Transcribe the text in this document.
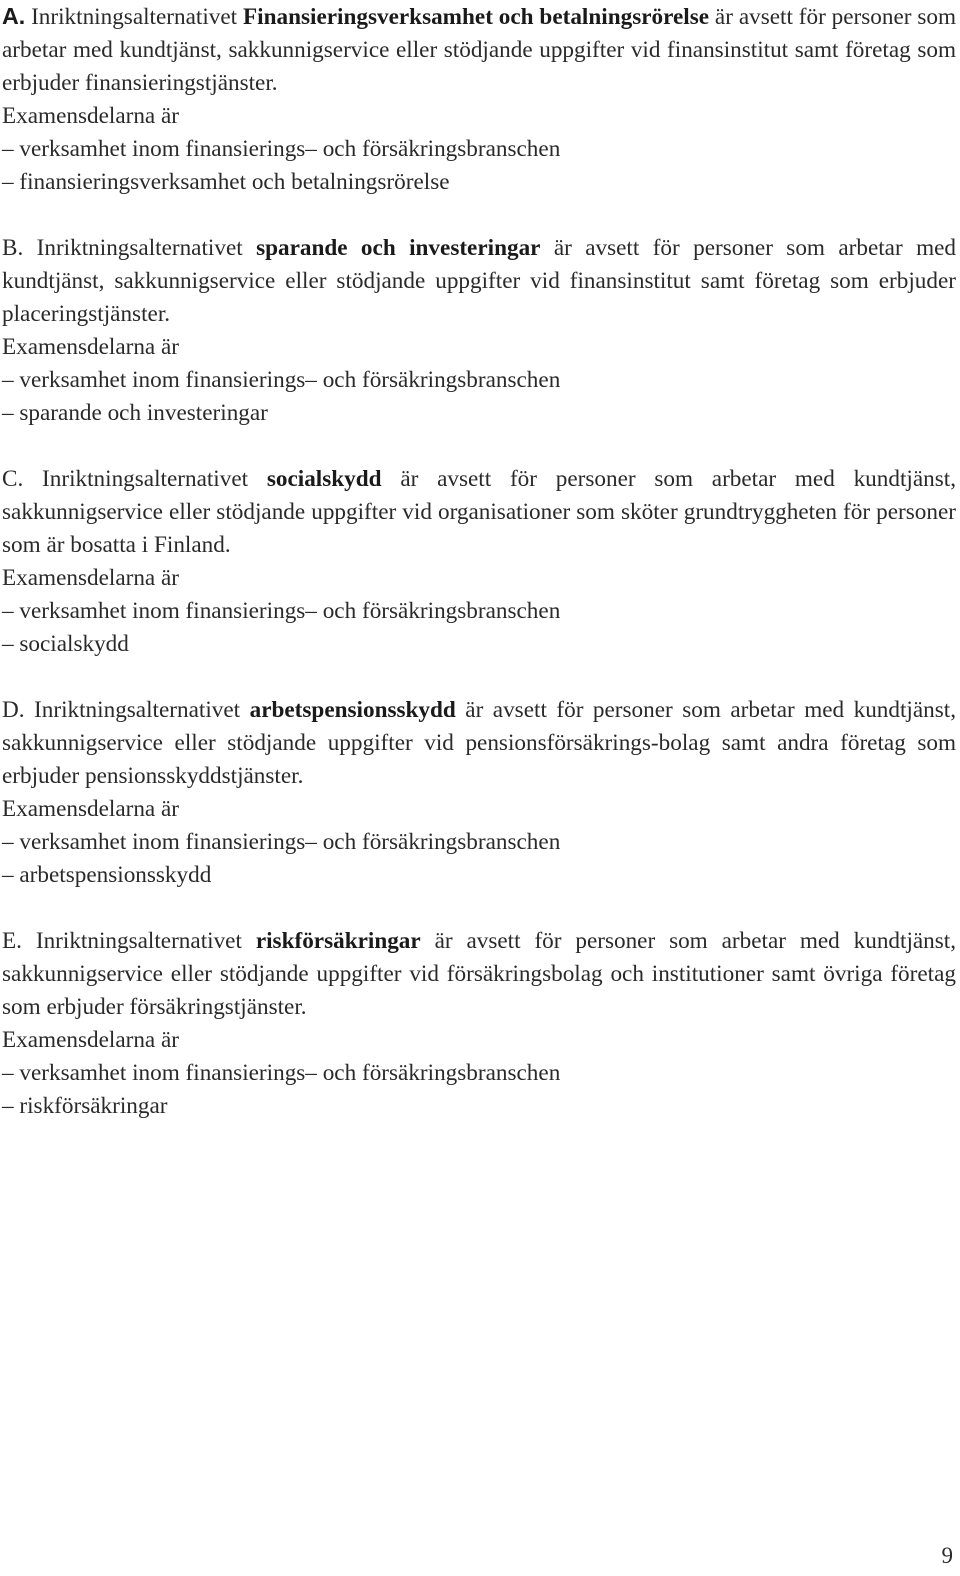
A. Inriktningsalternativet Finansieringsverksamhet och betalningsrörelse är avsett för personer som arbetar med kundtjänst, sakkunnigservice eller stödjande uppgifter vid finansinstitut samt företag som erbjuder finansieringstjänster.
Examensdelarna är
– verksamhet inom finansierings– och försäkringsbranschen
– finansieringsverksamhet och betalningsrörelse
B. Inriktningsalternativet sparande och investeringar är avsett för personer som arbetar med kundtjänst, sakkunnigservice eller stödjande uppgifter vid finansinstitut samt företag som erbjuder placeringstjänster.
Examensdelarna är
– verksamhet inom finansierings– och försäkringsbranschen
– sparande och investeringar
C. Inriktningsalternativet socialskydd är avsett för personer som arbetar med kundtjänst, sakkunnigservice eller stödjande uppgifter vid organisationer som sköter grundtryggheten för personer som är bosatta i Finland.
Examensdelarna är
– verksamhet inom finansierings– och försäkringsbranschen
– socialskydd
D. Inriktningsalternativet arbetspensionsskydd är avsett för personer som arbetar med kundtjänst, sakkunnigservice eller stödjande uppgifter vid pensionsförsäkrings-bolag samt andra företag som erbjuder pensionsskyddstjänster.
Examensdelarna är
– verksamhet inom finansierings– och försäkringsbranschen
– arbetspensionsskydd
E. Inriktningsalternativet riskförsäkringar är avsett för personer som arbetar med kundtjänst, sakkunnigservice eller stödjande uppgifter vid försäkringsbolag och institutioner samt övriga företag som erbjuder försäkringstjänster.
Examensdelarna är
– verksamhet inom finansierings– och försäkringsbranschen
– riskförsäkringar
9
